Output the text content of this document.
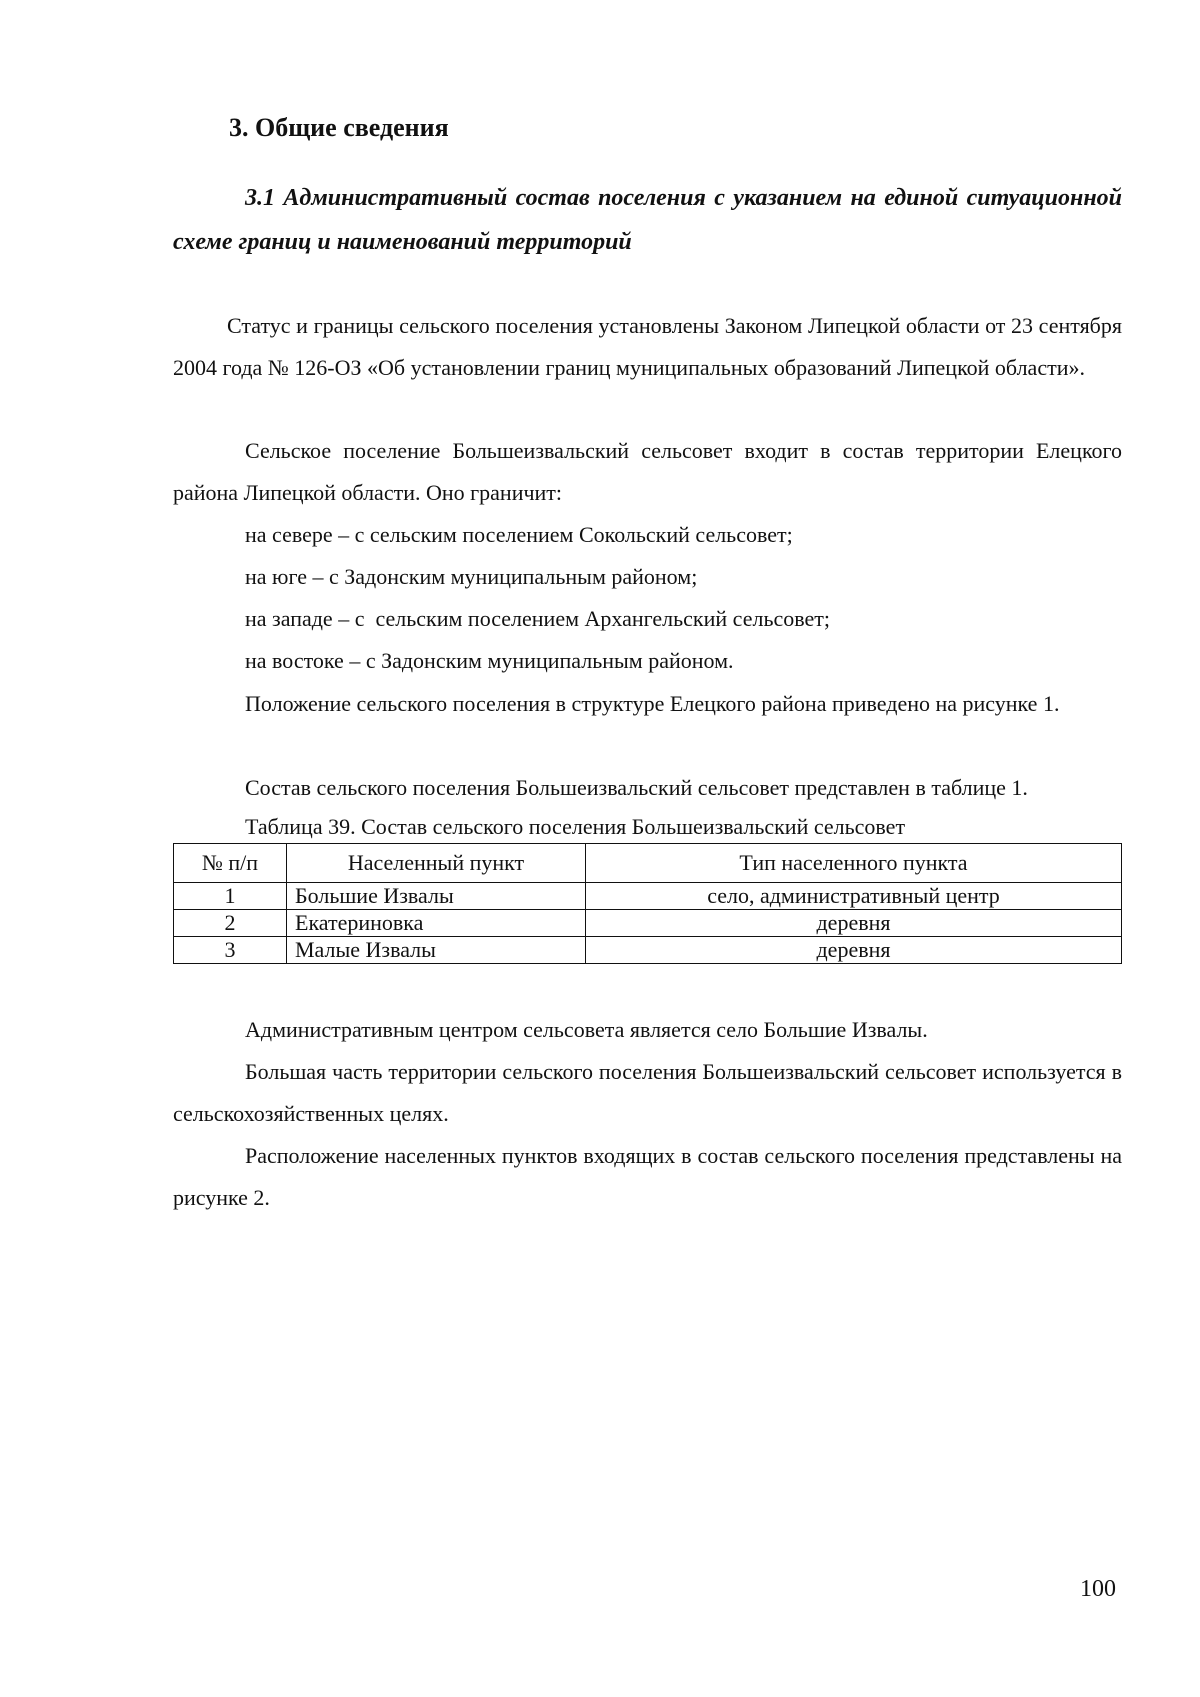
3. Общие сведения
3.1 Административный состав поселения с указанием на единой ситуационной схеме границ и наименований территорий
Статус и границы сельского поселения установлены Законом Липецкой области от 23 сентября 2004 года № 126-ОЗ «Об установлении границ муниципальных образований Липецкой области».
Сельское поселение Большеизвальский сельсовет входит в состав территории Елецкого района Липецкой области. Оно граничит:
на севере – с сельским поселением Сокольский сельсовет;
на юге – с Задонским муниципальным районом;
на западе – с  сельским поселением Архангельский сельсовет;
на востоке – с Задонским муниципальным районом.
Положение сельского поселения в структуре Елецкого района приведено на рисунке 1.
Состав сельского поселения Большеизвальский сельсовет представлен в таблице 1.
Таблица 39. Состав сельского поселения Большеизвальский сельсовет
№ п/п	Населенный пункт	Тип населенного пункта
1	Большие Извалы	село, административный центр
2	Екатериновка	деревня
3	Малые Извалы	деревня
Административным центром сельсовета является село Большие Извалы.
Большая часть территории сельского поселения Большеизвальский сельсовет используется в сельскохозяйственных целях.
Расположение населенных пунктов входящих в состав сельского поселения представлены на рисунке 2.
100
